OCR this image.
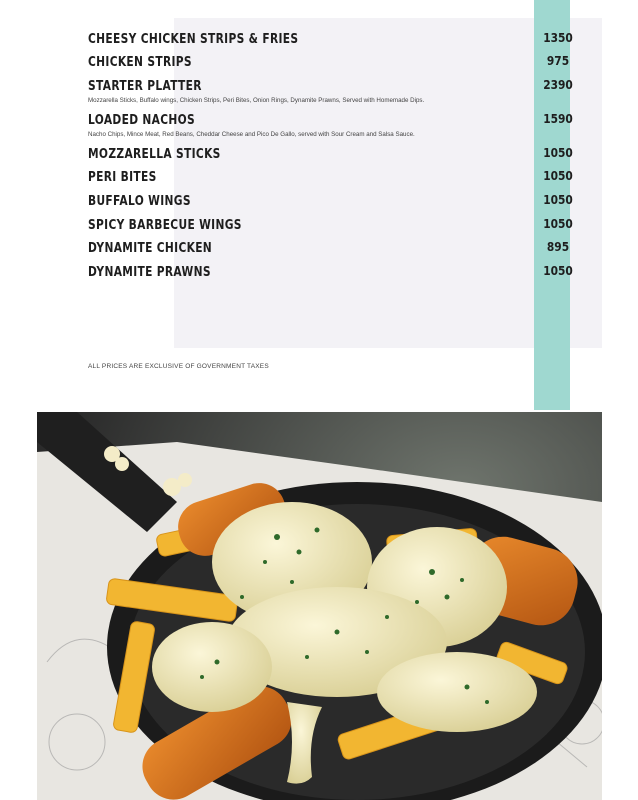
CHEESY CHICKEN STRIPS & FRIES	1350
CHICKEN STRIPS	975
STARTER PLATTER	2390
Mozzarella Sticks, Buffalo wings, Chicken Strips, Peri Bites, Onion Rings, Dynamite Prawns, Served with Homemade Dips.
LOADED NACHOS	1590
Nacho Chips, Mince Meat, Red Beans, Cheddar Cheese and Pico De Gallo, served with Sour Cream and Salsa Sauce.
MOZZARELLA STICKS	1050
PERI BITES	1050
BUFFALO WINGS	1050
SPICY BARBECUE WINGS	1050
DYNAMITE CHICKEN	895
DYNAMITE PRAWNS	1050
ALL PRICES ARE EXCLUSIVE OF GOVERNMENT TAXES
